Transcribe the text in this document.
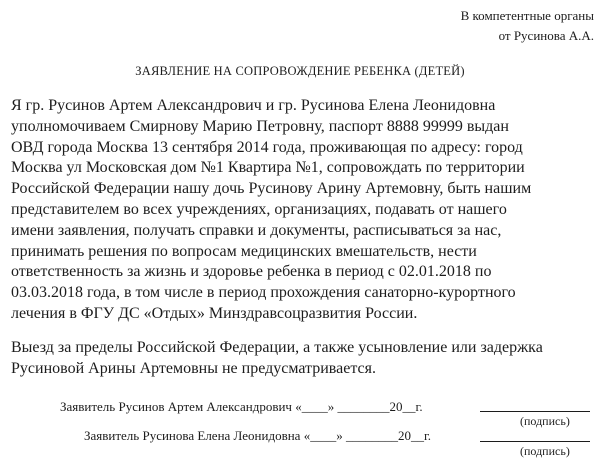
В компетентные органы
от Русинова А.А.
ЗАЯВЛЕНИЕ НА СОПРОВОЖДЕНИЕ РЕБЕНКА (ДЕТЕЙ)
Я гр. Русинов Артем Александрович и гр. Русинова Елена Леонидовна
уполномочиваем Смирнову Марию Петровну, паспорт 8888 99999 выдан
ОВД города Москва 13 сентября 2014 года, проживающая по адресу: город
Москва ул Московская дом №1 Квартира №1, сопровождать по территории
Российской Федерации нашу дочь Русинову Арину Артемовну, быть нашим
представителем во всех учреждениях, организациях, подавать от нашего
имени заявления, получать справки и документы, расписываться за нас,
принимать решения по вопросам медицинских вмешательств, нести
ответственность за жизнь и здоровье ребенка в период с 02.01.2018 по
03.03.2018 года, в том числе в период прохождения санаторно-курортного
лечения в ФГУ ДС «Отдых» Минздравсоцразвития России.
Выезд за пределы Российской Федерации, а также усыновление или задержка
Русиновой Арины Артемовны не предусматривается.
Заявитель Русинов Артем Александрович «____» ________20__г.
(подпись)
Заявитель Русинова Елена Леонидовна «____» ________20__г.
(подпись)
